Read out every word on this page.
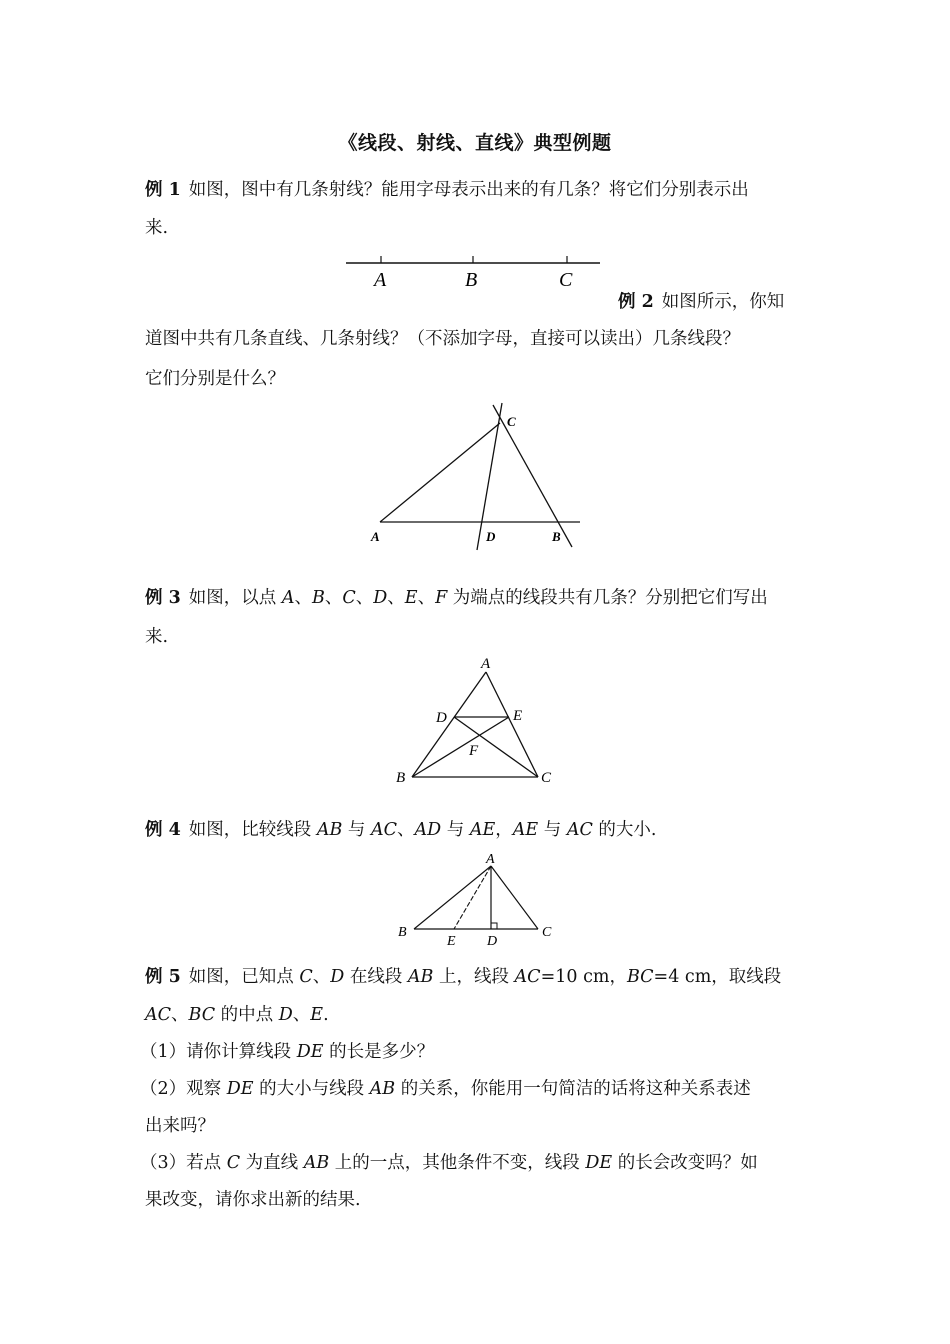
《线段、射线、直线》典型例题
例 1 如图，图中有几条射线？能用字母表示出来的有几条？将它们分别表示出
来.
A	B	C
例 2 如图所示，你知
道图中共有几条直线、几条射线？（不添加字母，直接可以读出）几条线段？
它们分别是什么？
C
A	D	B
例 3 如图，以点 A、B、C、D、E、F 为端点的线段共有几条？分别把它们写出
来.
A
D	E
F
B	C
例 4 如图，比较线段 AB 与 AC、AD 与 AE，AE 与 AC 的大小.
A
B	C
E D
例 5 如图，已知点 C、D 在线段 AB 上，线段 AC=10 cm，BC=4 cm，取线段
AC、BC 的中点 D、E.
（1）请你计算线段 DE 的长是多少？
（2）观察 DE 的大小与线段 AB 的关系，你能用一句简洁的话将这种关系表述
出来吗？
（3）若点 C 为直线 AB 上的一点，其他条件不变，线段 DE 的长会改变吗？如
果改变，请你求出新的结果.
